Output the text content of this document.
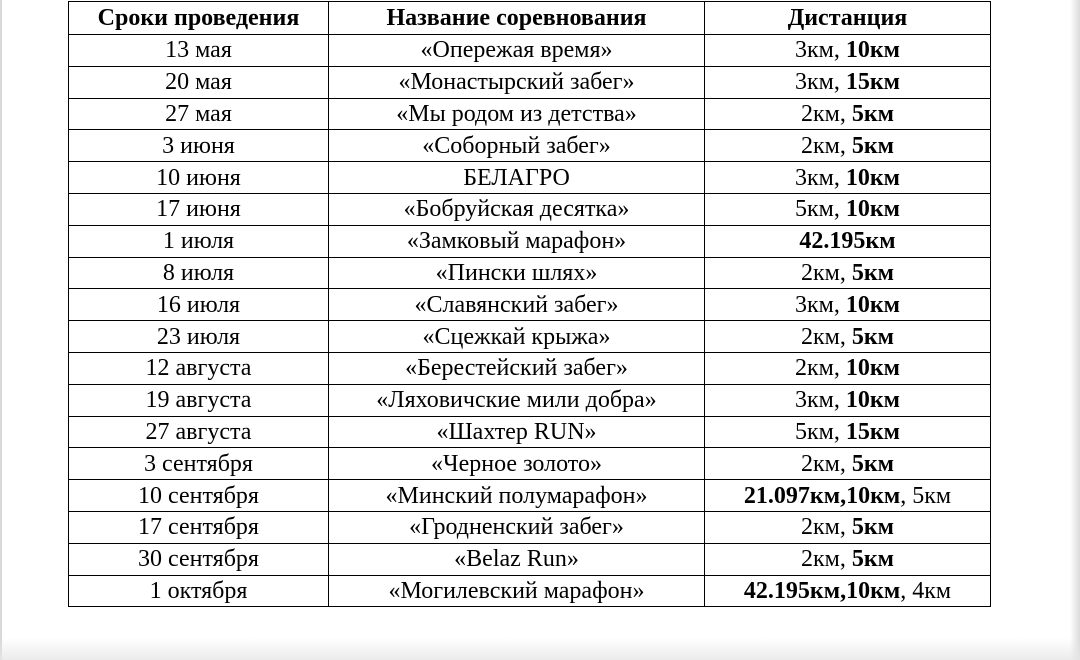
Сроки проведения	Название соревнования	Дистанция
13 мая	«Опережая время»	3км, 10км
20 мая	«Монастырский забег»	3км, 15км
27 мая	«Мы родом из детства»	2км, 5км
3 июня	«Соборный забег»	2км, 5км
10 июня	БЕЛАГРО	3км, 10км
17 июня	«Бобруйская десятка»	5км, 10км
1 июля	«Замковый марафон»	42.195км
8 июля	«Пински шлях»	2км, 5км
16 июля	«Славянский забег»	3км, 10км
23 июля	«Сцежкай крыжа»	2км, 5км
12 августа	«Берестейский забег»	2км, 10км
19 августа	«Ляховичские мили добра»	3км, 10км
27 августа	«Шахтер RUN»	5км, 15км
3 сентября	«Черное золото»	2км, 5км
10 сентября	«Минский полумарафон»	21.097км,10км, 5км
17 сентября	«Гродненский забег»	2км, 5км
30 сентября	«Belaz Run»	2км, 5км
1 октября	«Могилевский марафон»	42.195км,10км, 4км
